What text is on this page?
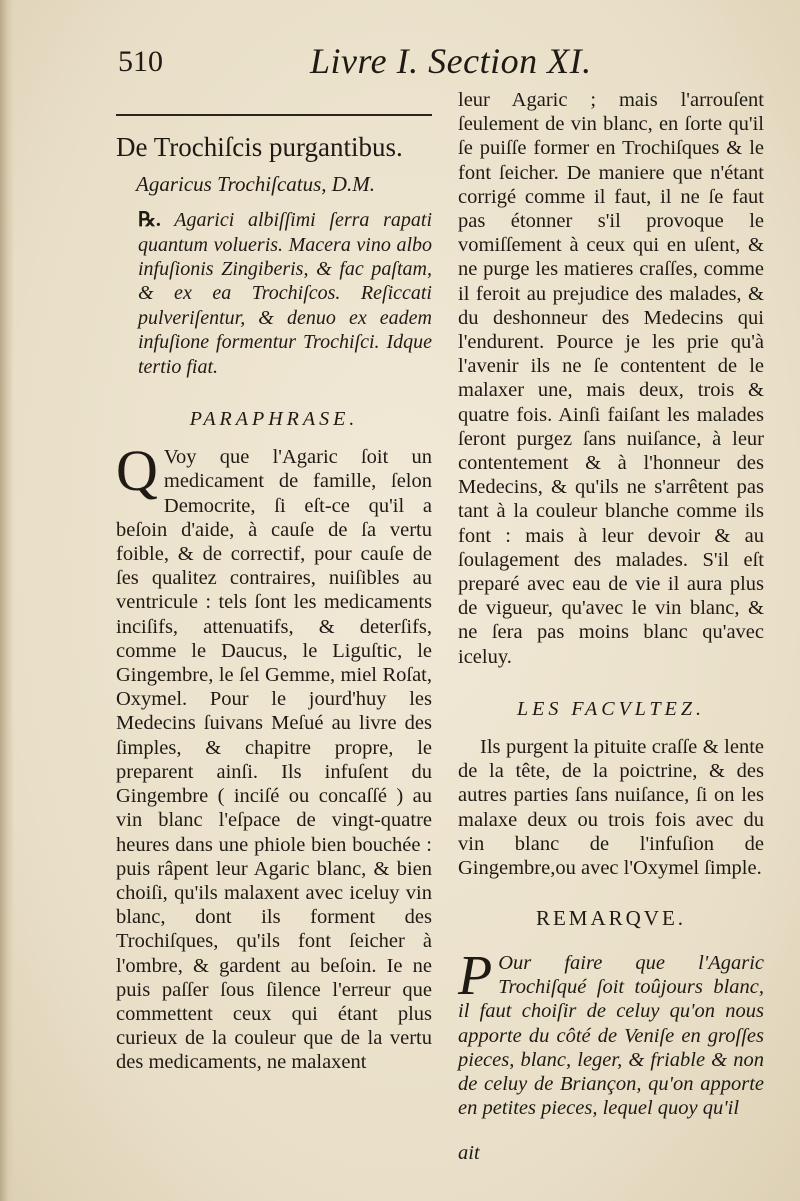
510	Livre I. Section XI.
De Trochiſcis purgantibus.
Agaricus Trochiſcatus, D.M.

℞. Agarici albiſſimi ſerra rapati quantum volueris. Macera vino albo infuſionis Zingiberis, & fac paſtam, & ex ea Trochiſcos. Reſiccati pulveriſentur, & denuo ex eadem infuſione formentur Trochiſci. Idque tertio fiat.

PARAPHRASE.

Q Voy que l'Agaric ſoit un medicament de famille, ſelon Democrite, ſi eſt-ce qu'il a beſoin d'aide, à cauſe de ſa vertu foible, & de correctif, pour cauſe de ſes qualitez contraires, nuiſibles au ventricule : tels ſont les medicaments inciſifs, attenuatifs, & deterſifs, comme le Daucus, le Liguſtic, le Gingembre, le ſel Gemme, miel Roſat, Oxymel. Pour le jourd'huy les Medecins ſuivans Meſué au livre des ſimples, & chapitre propre, le preparent ainſi. Ils infuſent du Gingembre ( inciſé ou concaſſé ) au vin blanc l'eſpace de vingt-quatre heures dans une phiole bien bouchée : puis râpent leur Agaric blanc, & bien choiſi, qu'ils malaxent avec iceluy vin blanc, dont ils forment des Trochiſques, qu'ils font ſeicher à l'ombre, & gardent au beſoin. Ie ne puis paſſer ſous ſilence l'erreur que commettent ceux qui étant plus curieux de la couleur que de la vertu des medicaments, ne malaxent

leur Agaric ; mais l'arrouſent ſeulement de vin blanc, en ſorte qu'il ſe puiſſe former en Trochiſques & le font ſeicher. De maniere que n'étant corrigé comme il faut, il ne ſe faut pas étonner s'il provoque le vomiſſement à ceux qui en uſent, & ne purge les matieres craſſes, comme il feroit au prejudice des malades, & du deshonneur des Medecins qui l'endurent. Pource je les prie qu'à l'avenir ils ne ſe contentent de le malaxer une, mais deux, trois & quatre fois. Ainſi faiſant les malades ſeront purgez ſans nuiſance, à leur contentement & à l'honneur des Medecins, & qu'ils ne s'arrêtent pas tant à la couleur blanche comme ils font : mais à leur devoir & au ſoulagement des malades. S'il eſt preparé avec eau de vie il aura plus de vigueur, qu'avec le vin blanc, & ne ſera pas moins blanc qu'avec iceluy.

LES FACVLTEZ.

Ils purgent la pituite craſſe & lente de la tête, de la poictrine, & des autres parties ſans nuiſance, ſi on les malaxe deux ou trois fois avec du vin blanc de l'infuſion de Gingembre,ou avec l'Oxymel ſimple.

REMARQVE.

P Our faire que l'Agaric Trochiſqué ſoit toûjours blanc, il faut choiſir de celuy qu'on nous apporte du côté de Veniſe en groſſes pieces, blanc, leger, & friable & non de celuy de Briançon, qu'on apporte en petites pieces, lequel quoy qu'il

ait
